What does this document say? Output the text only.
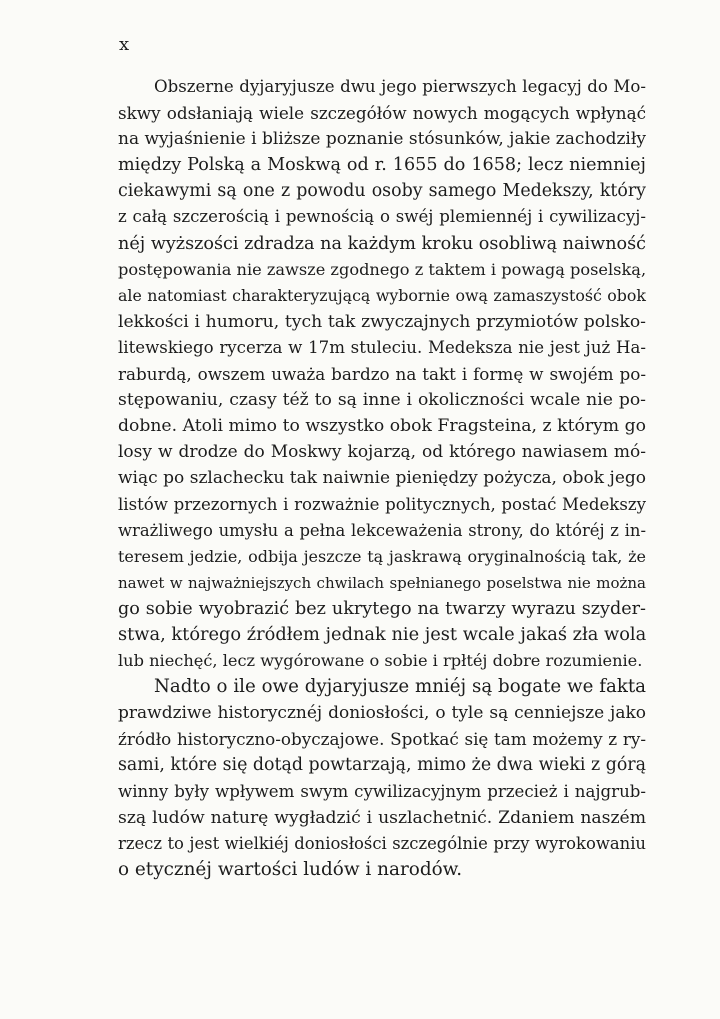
x
Obszerne dyjaryjusze dwu jego pierwszych legacyj do Mo-
skwy odsłaniają wiele szczegółów nowych mogących wpłynąć
na wyjaśnienie i bliższe poznanie stósunków, jakie zachodziły
między Polską a Moskwą od r. 1655 do 1658; lecz niemniej
ciekawymi są one z powodu osoby samego Medekszy, który
z całą szczerością i pewnością o swéj plemiennéj i cywilizacyj-
néj wyższości zdradza na każdym kroku osobliwą naiwność
postępowania nie zawsze zgodnego z taktem i powagą poselską,
ale natomiast charakteryzującą wybornie ową zamaszystość obok
lekkości i humoru, tych tak zwyczajnych przymiotów polsko-
litewskiego rycerza w 17m stuleciu. Medeksza nie jest już Ha-
raburdą, owszem uważa bardzo na takt i formę w swojém po-
stępowaniu, czasy též to są inne i okoliczności wcale nie po-
dobne. Atoli mimo to wszystko obok Fragsteina, z którym go
losy w drodze do Moskwy kojarzą, od którego nawiasem mó-
wiąc po szlachecku tak naiwnie pieniędzy pożycza, obok jego
listów przezornych i rozważnie politycznych, postać Medekszy
wrażliwego umysłu a pełna lekceważenia strony, do któréj z in-
teresem jedzie, odbija jeszcze tą jaskrawą oryginalnością tak, że
nawet w najważniejszych chwilach spełnianego poselstwa nie można
go sobie wyobrazić bez ukrytego na twarzy wyrazu szyder-
stwa, którego źródłem jednak nie jest wcale jakaś zła wola
lub niechęć, lecz wygórowane o sobie i rpłtéj dobre rozumienie.
Nadto o ile owe dyjaryjusze mniéj są bogate we fakta
prawdziwe historycznéj doniosłości, o tyle są cenniejsze jako
źródło historyczno-obyczajowe. Spotkać się tam możemy z ry-
sami, które się dotąd powtarzają, mimo że dwa wieki z górą
winny były wpływem swym cywilizacyjnym przecież i najgrub-
szą ludów naturę wygładzić i uszlachetnić. Zdaniem naszém
rzecz to jest wielkiéj doniosłości szczególnie przy wyrokowaniu
o etycznéj wartości ludów i narodów.
